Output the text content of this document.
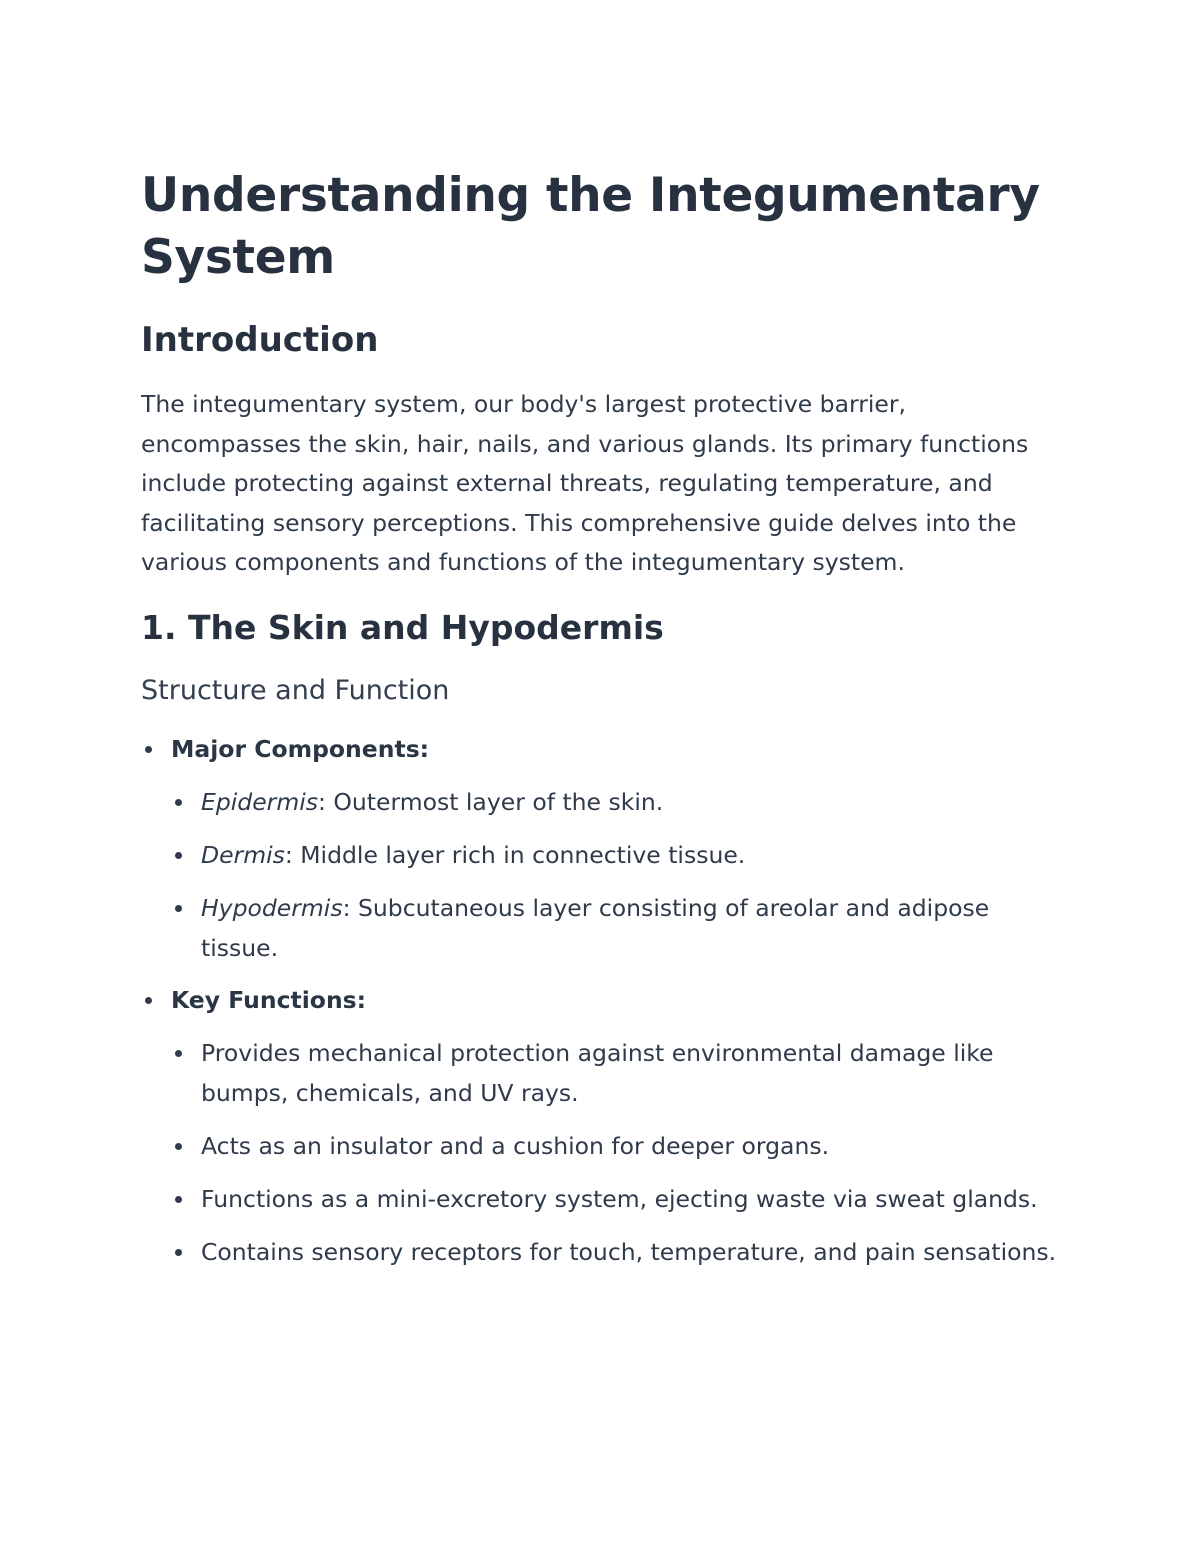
Understanding the Integumentary System
Introduction

The integumentary system, our body's largest protective barrier, encompasses the skin, hair, nails, and various glands. Its primary functions include protecting against external threats, regulating temperature, and facilitating sensory perceptions. This comprehensive guide delves into the various components and functions of the integumentary system.

1. The Skin and Hypodermis
Structure and Function
Major Components:
Epidermis: Outermost layer of the skin.
Dermis: Middle layer rich in connective tissue.
Hypodermis: Subcutaneous layer consisting of areolar and adipose tissue.
Key Functions:
Provides mechanical protection against environmental damage like bumps, chemicals, and UV rays.
Acts as an insulator and a cushion for deeper organs.
Functions as a mini-excretory system, ejecting waste via sweat glands.
Contains sensory receptors for touch, temperature, and pain sensations.
